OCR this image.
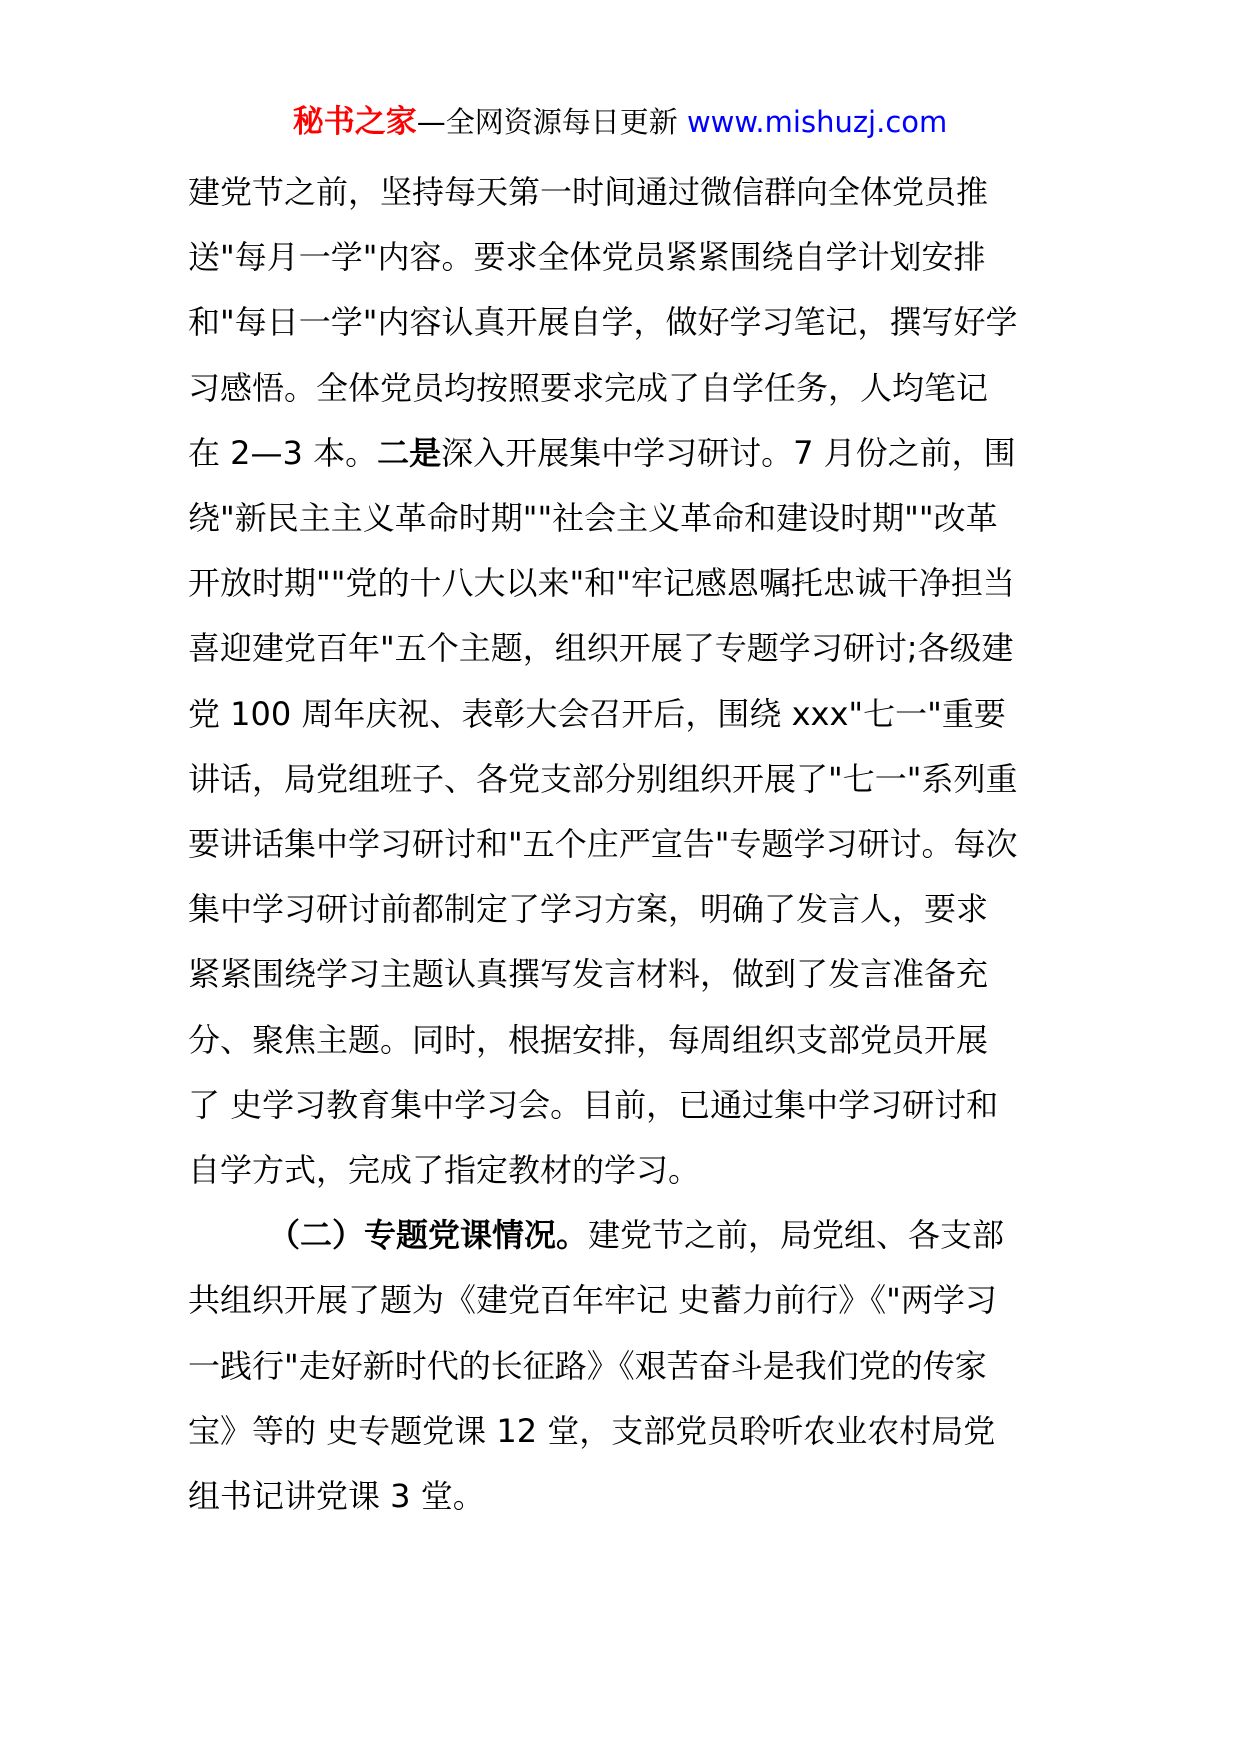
秘书之家—全网资源每日更新 www.mishuzj.com

建党节之前，坚持每天第一时间通过微信群向全体党员推
送"每月一学"内容。要求全体党员紧紧围绕自学计划安排
和"每日一学"内容认真开展自学，做好学习笔记，撰写好学
习感悟。全体党员均按照要求完成了自学任务，人均笔记
在 2—3 本。二是深入开展集中学习研讨。7 月份之前，围
绕"新民主主义革命时期""社会主义革命和建设时期""改革
开放时期""党的十八大以来"和"牢记感恩嘱托忠诚干净担当
喜迎建党百年"五个主题，组织开展了专题学习研讨;各级建
党 100 周年庆祝、表彰大会召开后，围绕 xxx"七一"重要
讲话，局党组班子、各党支部分别组织开展了"七一"系列重
要讲话集中学习研讨和"五个庄严宣告"专题学习研讨。每次
集中学习研讨前都制定了学习方案，明确了发言人，要求
紧紧围绕学习主题认真撰写发言材料，做到了发言准备充
分、聚焦主题。同时，根据安排，每周组织支部党员开展
了 史学习教育集中学习会。目前，已通过集中学习研讨和
自学方式，完成了指定教材的学习。

（二）专题党课情况。建党节之前，局党组、各支部
共组织开展了题为《建党百年牢记 史蓄力前行》《"两学习
一践行"走好新时代的长征路》《艰苦奋斗是我们党的传家
宝》等的 史专题党课 12 堂，支部党员聆听农业农村局党
组书记讲党课 3 堂。
